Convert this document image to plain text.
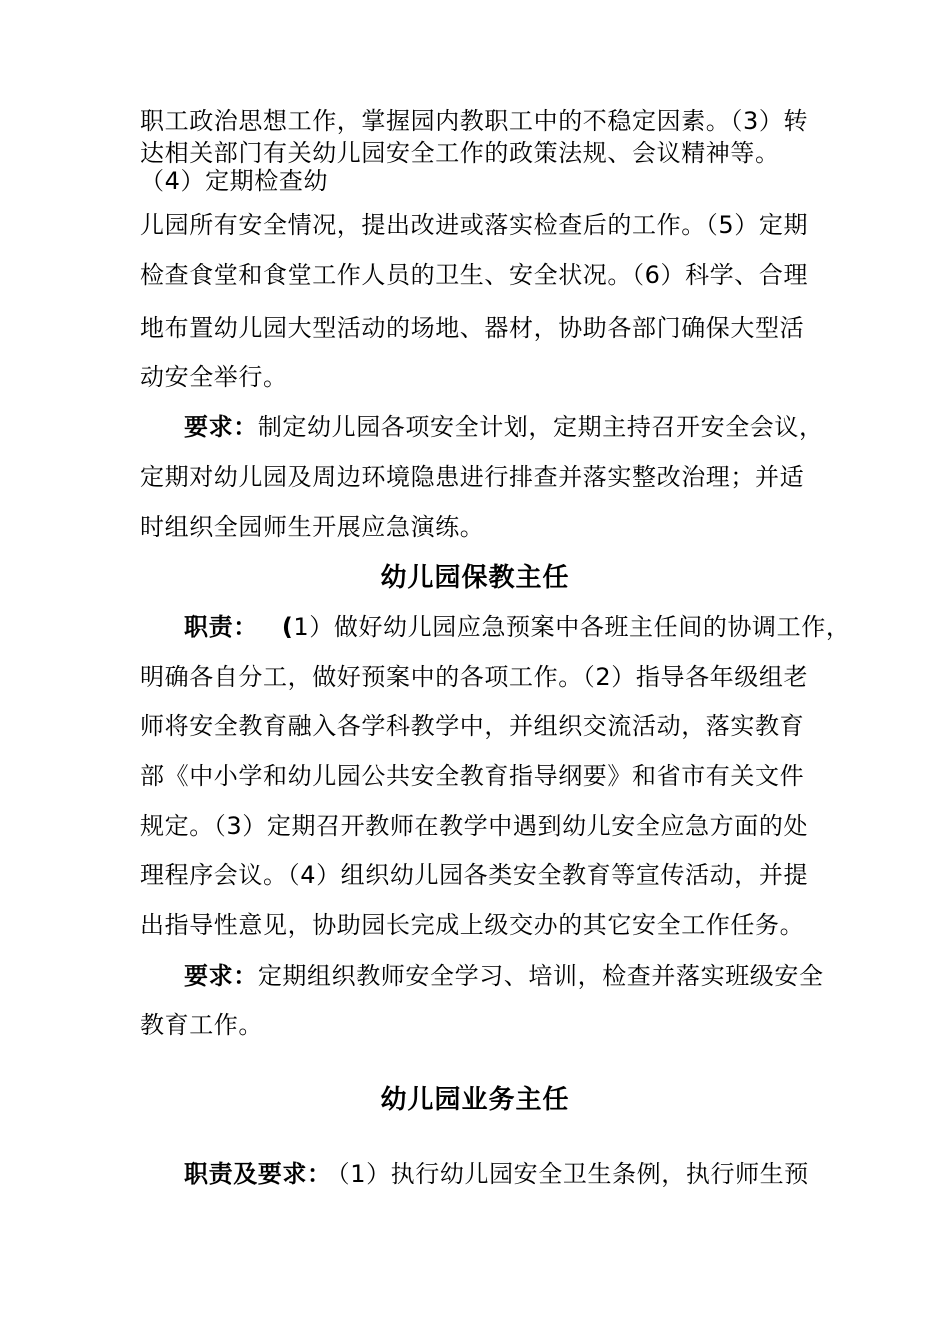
职工政治思想工作，掌握园内教职工中的不稳定因素。（3）转
达相关部门有关幼儿园安全工作的政策法规、会议精神等。
（4）定期检查幼
儿园所有安全情况，提出改进或落实检查后的工作。（5）定期
检查食堂和食堂工作人员的卫生、安全状况。（6）科学、合理
地布置幼儿园大型活动的场地、器材，协助各部门确保大型活
动安全举行。
要求：制定幼儿园各项安全计划，定期主持召开安全会议，
定期对幼儿园及周边环境隐患进行排查并落实整改治理；并适
时组织全园师生开展应急演练。
幼儿园保教主任
职责： (1）做好幼儿园应急预案中各班主任间的协调工作，
明确各自分工，做好预案中的各项工作。（2）指导各年级组老
师将安全教育融入各学科教学中，并组织交流活动，落实教育
部《中小学和幼儿园公共安全教育指导纲要》和省市有关文件
规定。（3）定期召开教师在教学中遇到幼儿安全应急方面的处
理程序会议。（4）组织幼儿园各类安全教育等宣传活动，并提
出指导性意见，协助园长完成上级交办的其它安全工作任务。
要求：定期组织教师安全学习、培训，检查并落实班级安全
教育工作。
幼儿园业务主任
职责及要求： （1）执行幼儿园安全卫生条例，执行师生预
